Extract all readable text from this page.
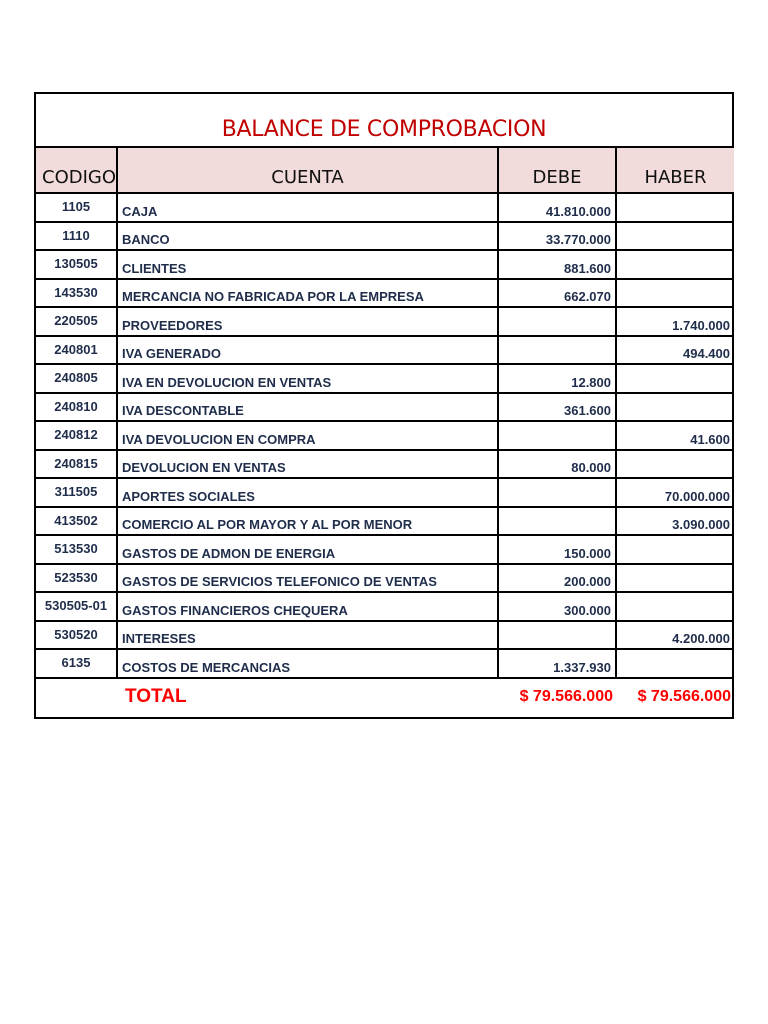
BALANCE DE COMPROBACION
CODIGO	CUENTA	DEBE	HABER
1105	CAJA	41.810.000	
1110	BANCO	33.770.000	
130505	CLIENTES	881.600	
143530	MERCANCIA NO FABRICADA POR LA EMPRESA	662.070	
220505	PROVEEDORES		1.740.000
240801	IVA GENERADO		494.400
240805	IVA EN DEVOLUCION EN VENTAS	12.800	
240810	IVA DESCONTABLE	361.600	
240812	IVA DEVOLUCION EN COMPRA		41.600
240815	DEVOLUCION EN VENTAS	80.000	
311505	APORTES SOCIALES		70.000.000
413502	COMERCIO AL POR MAYOR Y AL POR MENOR		3.090.000
513530	GASTOS DE ADMON DE ENERGIA	150.000	
523530	GASTOS DE SERVICIOS TELEFONICO DE VENTAS	200.000	
530505-01	GASTOS FINANCIEROS CHEQUERA	300.000	
530520	INTERESES		4.200.000
6135	COSTOS DE MERCANCIAS	1.337.930	
	TOTAL	$ 79.566.000	$ 79.566.000
